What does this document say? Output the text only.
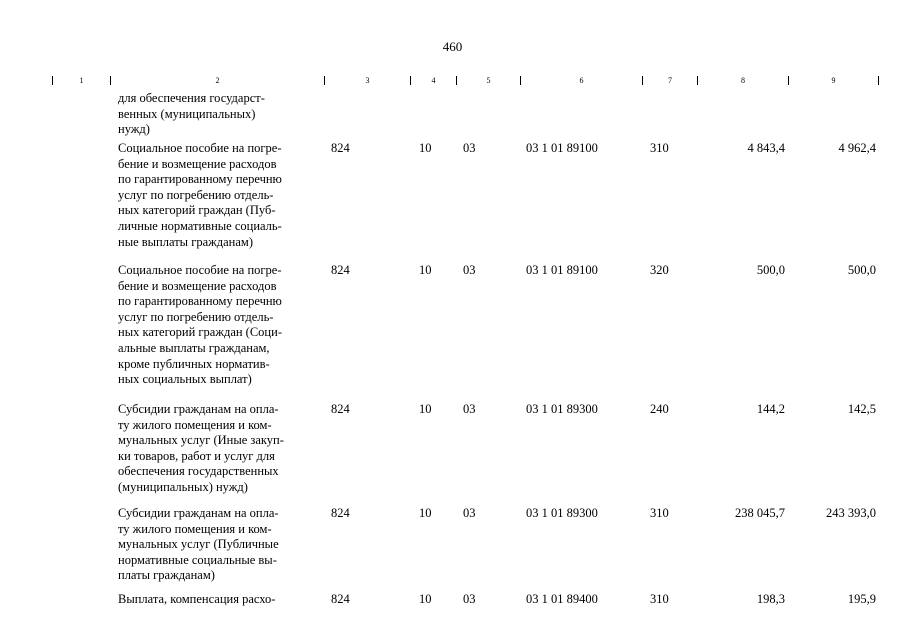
460
1	2	3	4	5	6	7	8	9
для обеспечения государст-
венных (муниципальных)
нужд)
Социальное пособие на погре-
бение и возмещение расходов
по гарантированному перечню
услуг по погребению отдель-
ных категорий граждан (Пуб-
личные нормативные социаль-
ные выплаты гражданам)
824	10	03	03 1 01 89100	310	4 843,4	4 962,4
Социальное пособие на погре-
бение и возмещение расходов
по гарантированному перечню
услуг по погребению отдель-
ных категорий граждан (Соци-
альные выплаты гражданам,
кроме публичных норматив-
ных социальных выплат)
824	10	03	03 1 01 89100	320	500,0	500,0
Субсидии гражданам на опла-
ту жилого помещения и ком-
мунальных услуг (Иные закуп-
ки товаров, работ и услуг для
обеспечения государственных
(муниципальных) нужд)
824	10	03	03 1 01 89300	240	144,2	142,5
Субсидии гражданам на опла-
ту жилого помещения и ком-
мунальных услуг (Публичные
нормативные социальные вы-
платы гражданам)
824	10	03	03 1 01 89300	310	238 045,7	243 393,0
Выплата, компенсация расхо-	824	10	03	03 1 01 89400	310	198,3	195,9
